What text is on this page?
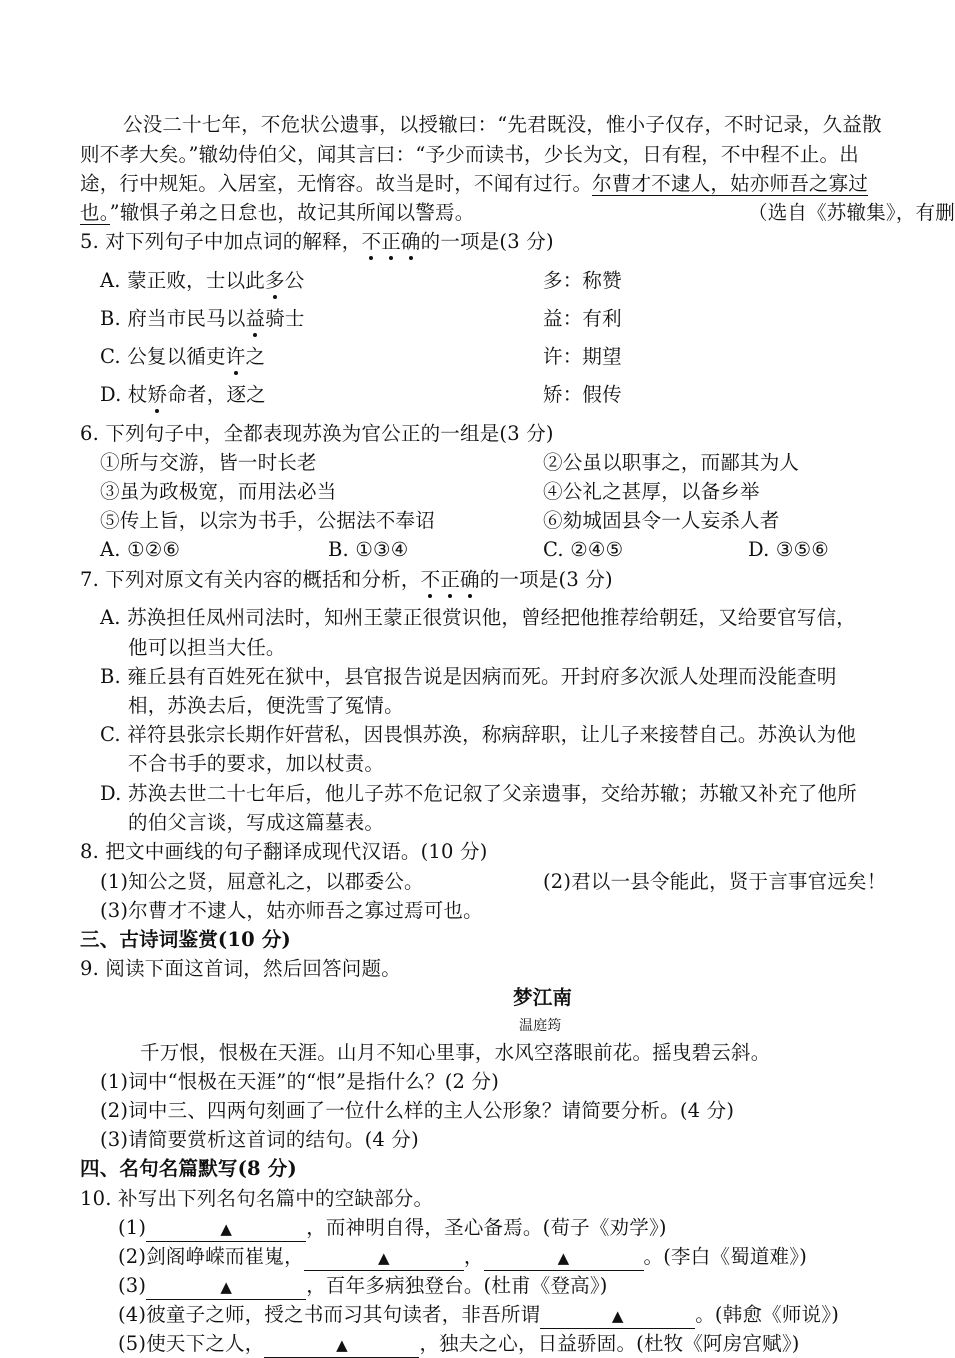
公没二十七年，不危状公遗事，以授辙曰：“先君既没，惟小子仅存，不时记录，久益散
则不孝大矣。”辙幼侍伯父，闻其言曰：“予少而读书，少长为文，日有程，不中程不止。出
途，行中规矩。入居室，无惰容。故当是时，不闻有过行。尔曹才不逮人，姑亦师吾之寡过
也。”辙惧子弟之日怠也，故记其所闻以警焉。	（选自《苏辙集》，有删
5. 对下列句子中加点词的解释，不正确的一项是(3 分)
A. 蒙正败，士以此多公	多：称赞
B. 府当市民马以益骑士	益：有利
C. 公复以循吏许之	许：期望
D. 杖矫命者，逐之	矫：假传
6. 下列句子中，全都表现苏涣为官公正的一组是(3 分)
①所与交游，皆一时长老	②公虽以职事之，而鄙其为人
③虽为政极宽，而用法必当	④公礼之甚厚，以备乡举
⑤传上旨，以宗为书手，公据法不奉诏	⑥劾城固县令一人妄杀人者
A. ①②⑥	B. ①③④	C. ②④⑤	D. ③⑤⑥
7. 下列对原文有关内容的概括和分析，不正确的一项是(3 分)
A. 苏涣担任凤州司法时，知州王蒙正很赏识他，曾经把他推荐给朝廷，又给要官写信，
他可以担当大任。
B. 雍丘县有百姓死在狱中，县官报告说是因病而死。开封府多次派人处理而没能查明
相，苏涣去后，便洗雪了冤情。
C. 祥符县张宗长期作奸营私，因畏惧苏涣，称病辞职，让儿子来接替自己。苏涣认为他
不合书手的要求，加以杖责。
D. 苏涣去世二十七年后，他儿子苏不危记叙了父亲遗事，交给苏辙；苏辙又补充了他所
的伯父言谈，写成这篇墓表。
8. 把文中画线的句子翻译成现代汉语。(10 分)
(1)知公之贤，屈意礼之，以郡委公。	(2)君以一县令能此，贤于言事官远矣！
(3)尔曹才不逮人，姑亦师吾之寡过焉可也。
三、古诗词鉴赏(10 分)
9. 阅读下面这首词，然后回答问题。
梦江南
温庭筠
千万恨，恨极在天涯。山月不知心里事，水风空落眼前花。摇曳碧云斜。
(1)词中“恨极在天涯”的“恨”是指什么？(2 分)
(2)词中三、四两句刻画了一位什么样的主人公形象？请简要分析。(4 分)
(3)请简要赏析这首词的结句。(4 分)
四、名句名篇默写(8 分)
10. 补写出下列名句名篇中的空缺部分。
(1)	▲	，而神明自得，圣心备焉。(荀子《劝学》)
(2)剑阁峥嵘而崔嵬，	▲	，	▲	。(李白《蜀道难》)
(3)	▲	，百年多病独登台。(杜甫《登高》)
(4)彼童子之师，授之书而习其句读者，非吾所谓	▲	。(韩愈《师说》)
(5)使天下之人，	▲	，独夫之心，日益骄固。(杜牧《阿房宫赋》)
